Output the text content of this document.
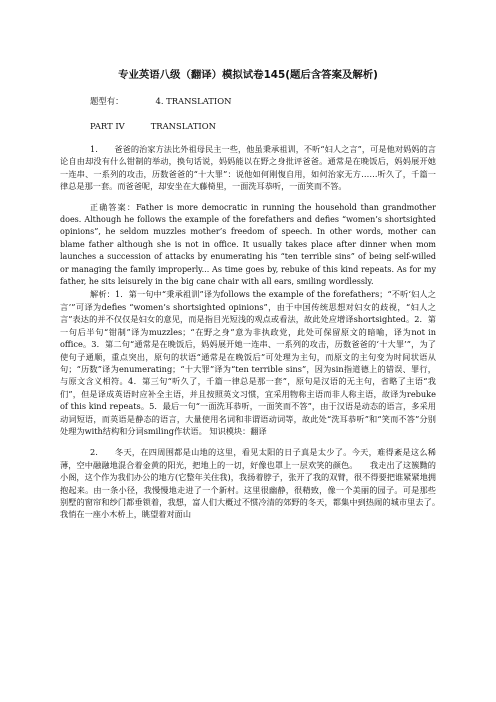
专业英语八级（翻译）模拟试卷145(题后含答案及解析)
题型有：	4. TRANSLATION
PART IV	TRANSLATION

1.　　爸爸的治家方法比外祖母民主一些，他虽秉承祖训，不听“妇人之言”，可是他对妈妈的言论自由却没有什么钳制的举动，换句话说，妈妈能以在野之身批评爸爸。通常是在晚饭后，妈妈展开她一连串、一系列的攻击，历数爸爸的“十大罪”：说他如何刚愎自用，如何治家无方……听久了，千篇一律总是那一套。而爸爸呢，却安坐在大藤椅里，一面洗耳恭听，一面笑而不答。

正确答案：Father is more democratic in running the household than grandmother does. Although he follows the example of the forefathers and defies “women’s shortsighted opinions”, he seldom muzzles mother’s freedom of speech. In other words, mother can blame father although she is not in office. It usually takes place after dinner when mom launches a succession of attacks by enumerating his “ten terrible sins” of being self-willed or managing the family improperly... As time goes by, rebuke of this kind repeats. As for my father, he sits leisurely in the big cane chair with all ears, smiling wordlessly.

解析：1．第一句中“秉承祖训”译为follows the example of the forefathers；“不听‘妇人之言’”可译为defies “women’s shortsighted opinions”，由于中国传统思想对妇女的歧视，“妇人之言”表达的并不仅仅是妇女的意见，而是指目光短浅的观点或看法，故此处应增译shortsighted。2．第一句后半句“钳制”译为muzzles；“在野之身”意为非执政党，此处可保留原文的暗喻，译为not in office。3．第二句“通常是在晚饭后，妈妈展开她一连串、一系列的攻击，历数爸爸的‘十大罪’”，为了使句子通顺，重点突出，原句的状语“通常是在晚饭后”可处理为主句，而原文的主句变为时间状语从句；“历数”译为enumerating；“十大罪”译为“ten terrible sins”，因为sin指道德上的错误、罪行，与原文含义相符。4．第三句“听久了，千篇一律总是那一套”，原句是汉语的无主句，省略了主语“我们”，但是译成英语时应补全主语，并且按照英文习惯，宜采用物称主语而非人称主语，故译为rebuke of this kind repeats。5．最后一句“一面洗耳恭听，一面笑而不答”，由于汉语是动态的语言，多采用动词短语，而英语是静态的语言，大量使用名词和非谓语动词等，故此处“洗耳恭听”和“笑而不答”分别处理为with结构和分词smiling作状语。 知识模块：翻译

2.　　冬天，在四周围都是山地的这里，看见太阳的日子真是太少了。今天，难得紊是这么稀薄，空中融融地混合着金黄的阳光，把地上的一切，好像也罩上一层欢笑的颜色。　　我走出了这簇黝的小阁，这个作为我们办公的地方(它整年关住我)，我扬着脖子，张开了我的双臂，很不得要把谁紧紧地拥抱起来。由一条小径，我慢慢地走进了一个新村。这里很幽静，很精致，像一个美丽的园子。可是那些别墅的窗帘和纱门都垂锁着，我想，富人们大概过不惯冷清的郊野的冬天，都集中到热闹的城市里去了。　　我悄在一座小木桥上，眺望着对面山
